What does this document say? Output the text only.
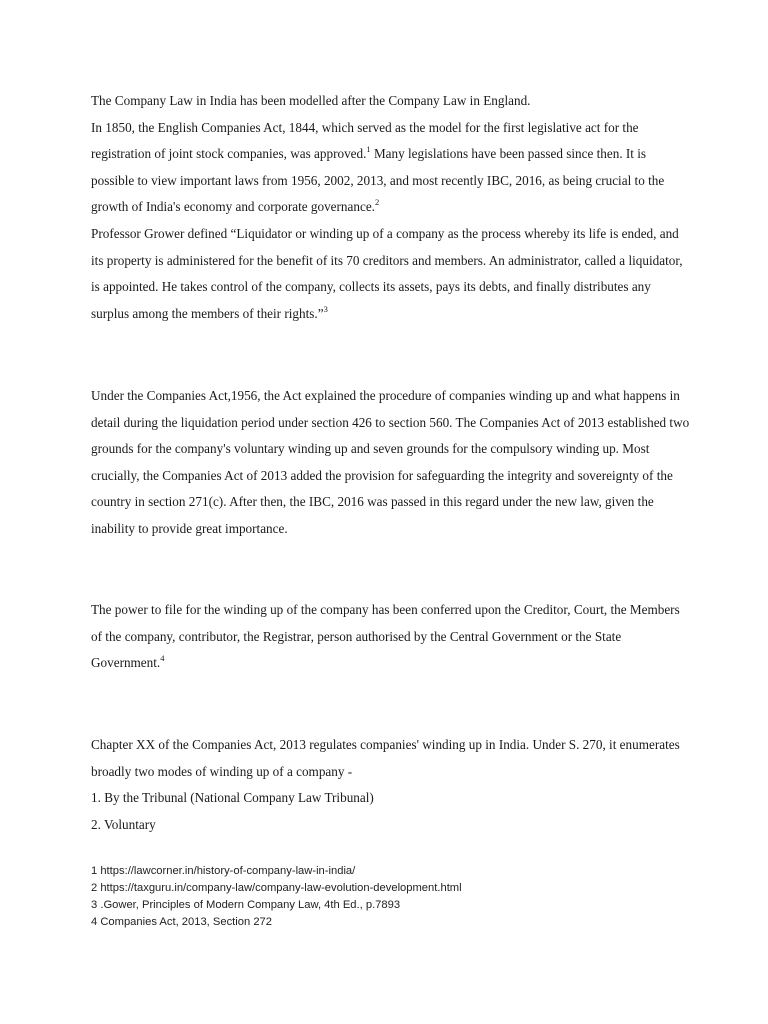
The Company Law in India has been modelled after the Company Law in England.

In 1850, the English Companies Act, 1844, which served as the model for the first legislative act for the registration of joint stock companies, was approved.$^1$ Many legislations have been passed since then. It is possible to view important laws from 1956, 2002, 2013, and most recently IBC, 2016, as being crucial to the growth of India's economy and corporate governance.$^2$

Professor Grower defined “Liquidator or winding up of a company as the process whereby its life is ended, and its property is administered for the benefit of its 70 creditors and members. An administrator, called a liquidator, is appointed. He takes control of the company, collects its assets, pays its debts, and finally distributes any surplus among the members of their rights.”$^3$

Under the Companies Act,1956, the Act explained the procedure of companies winding up and what happens in detail during the liquidation period under section 426 to section 560. The Companies Act of 2013 established two grounds for the company's voluntary winding up and seven grounds for the compulsory winding up. Most crucially, the Companies Act of 2013 added the provision for safeguarding the integrity and sovereignty of the country in section 271(c). After then, the IBC, 2016 was passed in this regard under the new law, given the inability to provide great importance.

The power to file for the winding up of the company has been conferred upon the Creditor, Court, the Members of the company, contributor, the Registrar, person authorised by the Central Government or the State Government.$^4$

Chapter XX of the Companies Act, 2013 regulates companies' winding up in India. Under S. 270, it enumerates broadly two modes of winding up of a company -

1. By the Tribunal (National Company Law Tribunal)

2. Voluntary

1 https://lawcorner.in/history-of-company-law-in-india/
2 https://taxguru.in/company-law/company-law-evolution-development.html
3 .Gower, Principles of Modern Company Law, 4th Ed., p.7893
4 Companies Act, 2013, Section 272
